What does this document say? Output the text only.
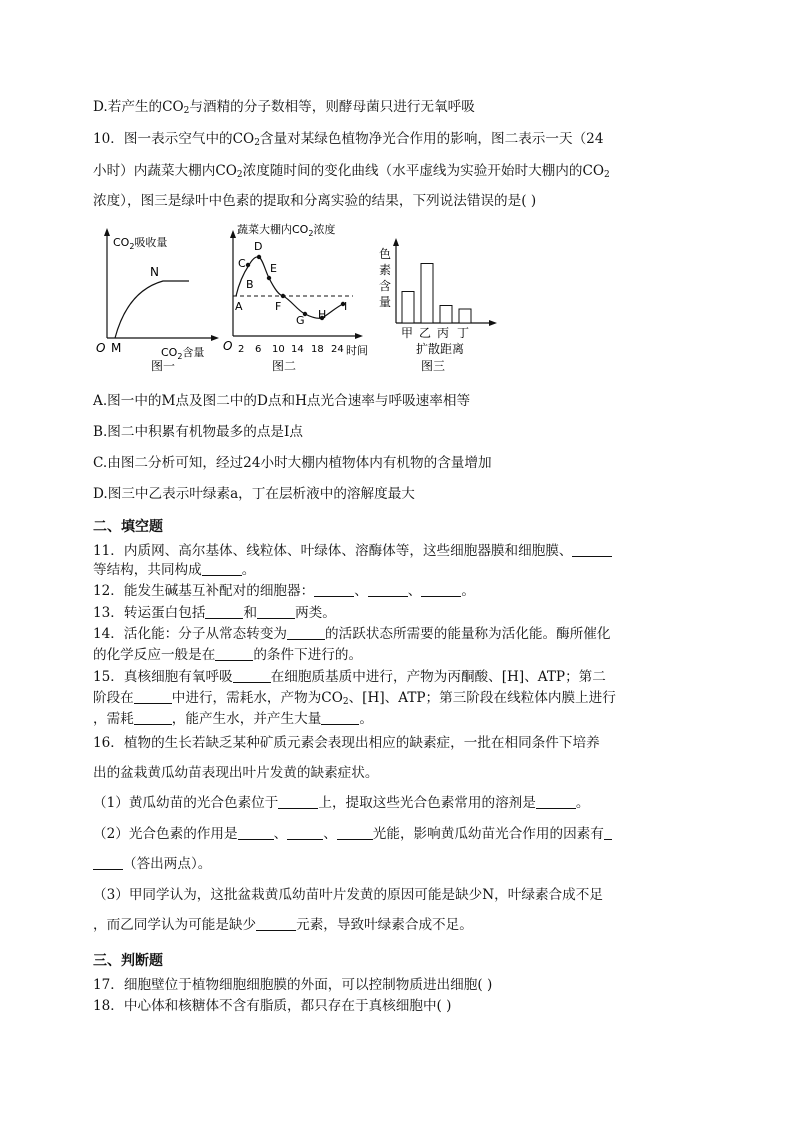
D.若产生的$CO_2$与酒精的分子数相等，则酵母菌只进行无氧呼吸
10．图一表示空气中的$CO_2$含量对某绿色植物净光合作用的影响，图二表示一天（24
小时）内蔬菜大棚内$CO_2$浓度随时间的变化曲线（水平虚线为实验开始时大棚内的$CO_2$
浓度），图三是绿叶中色素的提取和分离实验的结果，下列说法错误的是( )
$CO_2$吸收量
N
O M	$CO_2$含量
图一
蔬菜大棚内$CO_2$浓度
A
B
C
D
E
F
G H
I
O 2 6 10 14 18 24 时间
图二
色
素
含
量
甲 乙 丙 丁
扩散距离
图三
A.图一中的M点及图二中的D点和H点光合速率与呼吸速率相等
B.图二中积累有机物最多的点是I点
C.由图二分析可知，经过24小时大棚内植物体内有机物的含量增加
D.图三中乙表示叶绿素a，丁在层析液中的溶解度最大
二、填空题
11．内质网、高尔基体、线粒体、叶绿体、溶酶体等，这些细胞器膜和细胞膜、
等结构，共同构成	。
12．能发生碱基互补配对的细胞器：	、	、	。
13．转运蛋白包括	和	两类。
14．活化能：分子从常态转变为	的活跃状态所需要的能量称为活化能。酶所催化
的化学反应一般是在	的条件下进行的。
15．真核细胞有氧呼吸	在细胞质基质中进行，产物为丙酮酸、[H]、ATP；第二
阶段在	中进行，需耗水，产物为$CO_2$、[H]、ATP；第三阶段在线粒体内膜上进行
，需耗	，能产生水，并产生大量	。
16．植物的生长若缺乏某种矿质元素会表现出相应的缺素症，一批在相同条件下培养
出的盆栽黄瓜幼苗表现出叶片发黄的缺素症状。
（1）黄瓜幼苗的光合色素位于	上，提取这些光合色素常用的溶剂是	。
（2）光合色素的作用是	、	、	光能，影响黄瓜幼苗光合作用的因素有
（答出两点）。
（3）甲同学认为，这批盆栽黄瓜幼苗叶片发黄的原因可能是缺少N，叶绿素合成不足
，而乙同学认为可能是缺少	元素，导致叶绿素合成不足。
三、判断题
17．细胞壁位于植物细胞细胞膜的外面，可以控制物质进出细胞( )
18．中心体和核糖体不含有脂质，都只存在于真核细胞中( )
